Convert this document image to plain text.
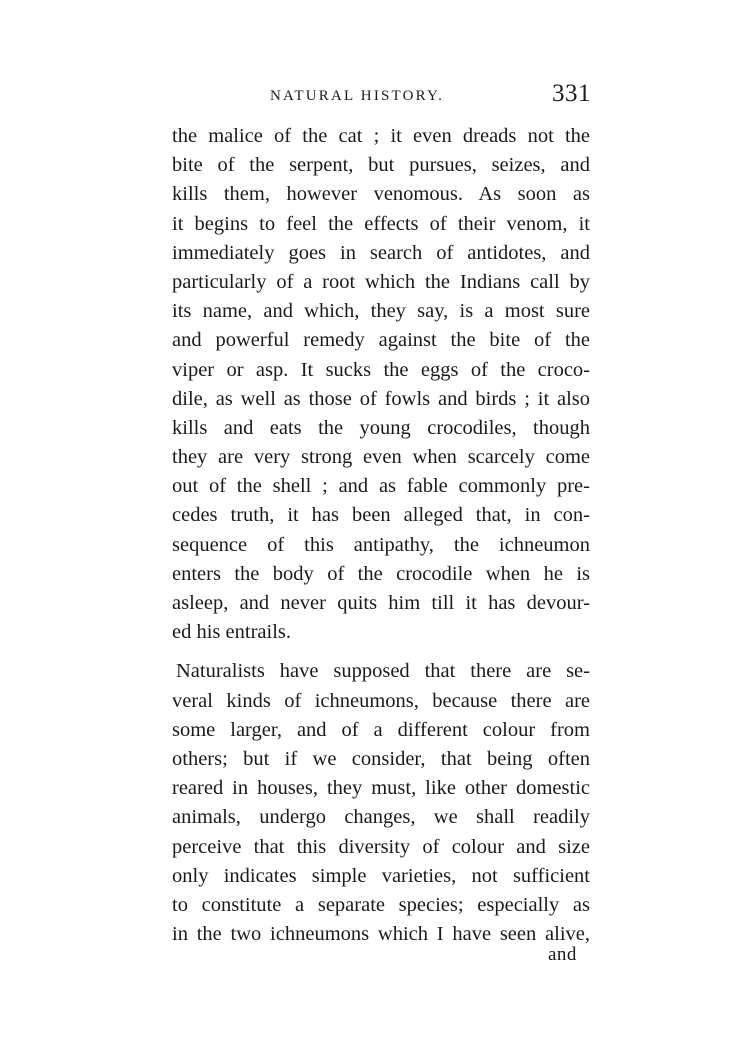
NATURAL HISTORY.	331
the malice of the cat ; it even dreads not the
bite of the serpent, but pursues, seizes, and
kills them, however venomous. As soon as
it begins to feel the effects of their venom, it
immediately goes in search of antidotes, and
particularly of a root which the Indians call by
its name, and which, they say, is a most sure
and powerful remedy against the bite of the
viper or asp. It sucks the eggs of the croco-
dile, as well as those of fowls and birds ; it also
kills and eats the young crocodiles, though
they are very strong even when scarcely come
out of the shell ; and as fable commonly pre-
cedes truth, it has been alleged that, in con-
sequence of this antipathy, the ichneumon
enters the body of the crocodile when he is
asleep, and never quits him till it has devour-
ed his entrails.
Naturalists have supposed that there are se-
veral kinds of ichneumons, because there are
some larger, and of a different colour from
others; but if we consider, that being often
reared in houses, they must, like other domestic
animals, undergo changes, we shall readily
perceive that this diversity of colour and size
only indicates simple varieties, not sufficient
to constitute a separate species; especially as
in the two ichneumons which I have seen alive,
and
